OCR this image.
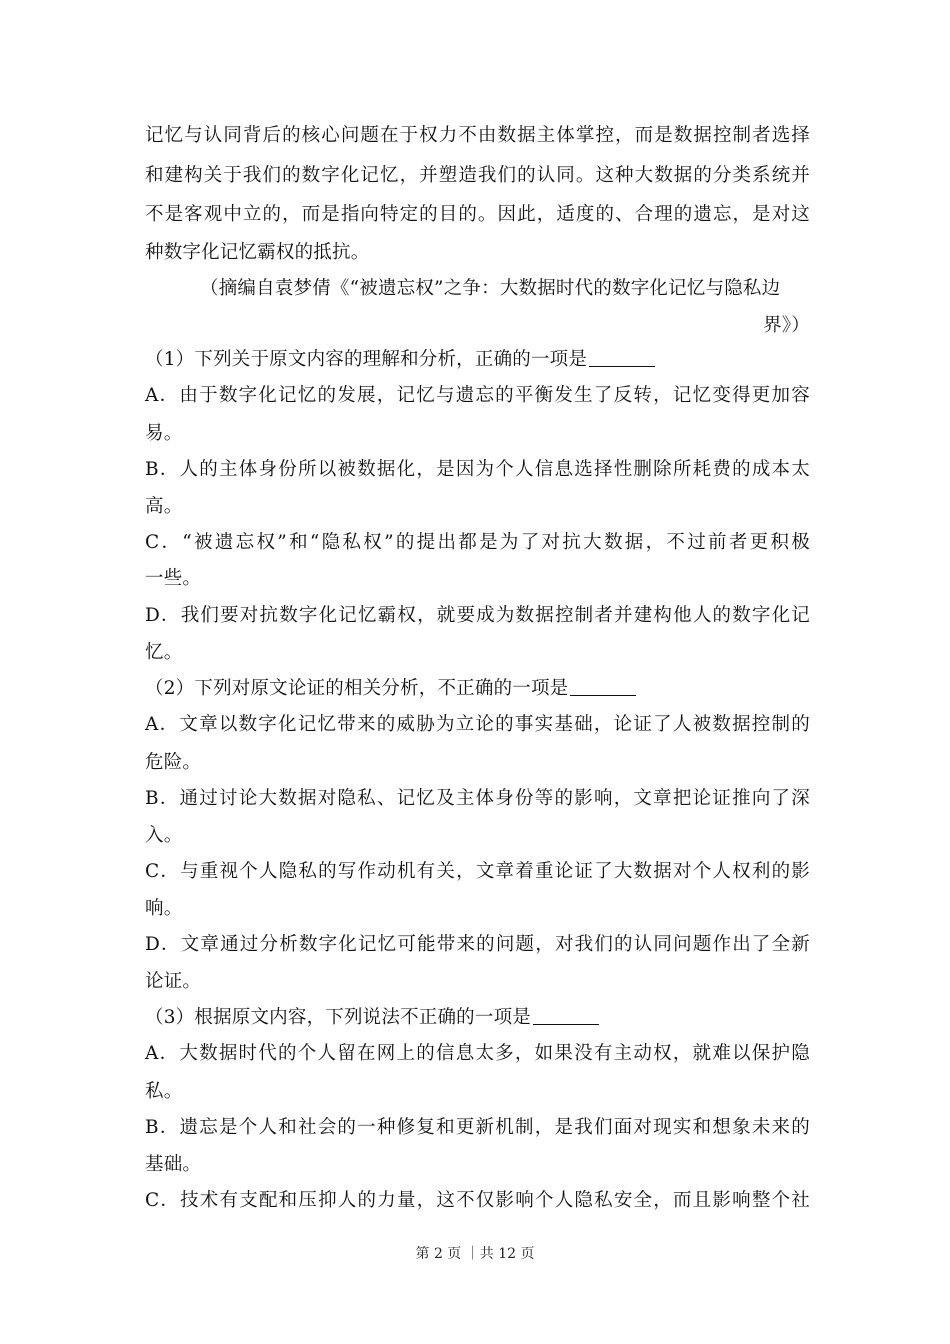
记忆与认同背后的核心问题在于权力不由数据主体掌控，而是数据控制者选择
和建构关于我们的数字化记忆，并塑造我们的认同。这种大数据的分类系统并
不是客观中立的，而是指向特定的目的。因此，适度的、合理的遗忘，是对这
种数字化记忆霸权的抵抗。
（摘编自袁梦倩《“被遗忘权”之争：大数据时代的数字化记忆与隐私边
界》）
（1）下列关于原文内容的理解和分析，正确的一项是
A．由于数字化记忆的发展，记忆与遗忘的平衡发生了反转，记忆变得更加容
易。
B．人的主体身份所以被数据化，是因为个人信息选择性删除所耗费的成本太
高。
C．“被遗忘权”和“隐私权”的提出都是为了对抗大数据，不过前者更积极
一些。
D．我们要对抗数字化记忆霸权，就要成为数据控制者并建构他人的数字化记
忆。
（2）下列对原文论证的相关分析，不正确的一项是
A．文章以数字化记忆带来的威胁为立论的事实基础，论证了人被数据控制的
危险。
B．通过讨论大数据对隐私、记忆及主体身份等的影响，文章把论证推向了深
入。
C．与重视个人隐私的写作动机有关，文章着重论证了大数据对个人权利的影
响。
D．文章通过分析数字化记忆可能带来的问题，对我们的认同问题作出了全新
论证。
（3）根据原文内容，下列说法不正确的一项是
A．大数据时代的个人留在网上的信息太多，如果没有主动权，就难以保护隐
私。
B．遗忘是个人和社会的一种修复和更新机制，是我们面对现实和想象未来的
基础。
C．技术有支配和压抑人的力量，这不仅影响个人隐私安全，而且影响整个社
第 2 页 ｜共 12 页
